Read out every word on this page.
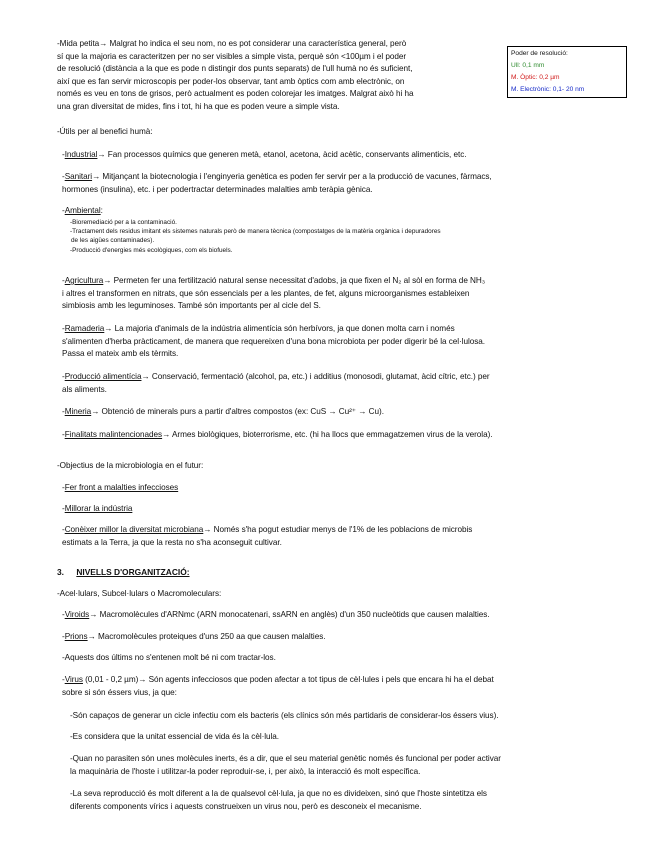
-Mida petita→ Malgrat ho indica el seu nom, no es pot considerar una característica general, però

sí que la majoria es caracteritzen per no ser visibles a simple vista, perquè són <100µm i el poder

de resolució (distància a la que es pode n distingir dos punts separats) de l'ull humà no és suficient,

així que es fan servir microscopis per poder-los observar, tant amb òptics com amb electrònic, on

només es veu en tons de grisos, però actualment es poden colorejar les imatges. Malgrat això hi ha

una gran diversitat de mides, fins i tot, hi ha que es poden veure a simple vista.

Poder de resolució:
Ull: 0,1 mm
M. Òptic: 0,2 µm
M. Electrònic: 0,1- 20 nm
-Útils per al benefici humà:

-Industrial→ Fan processos químics que generen metà, etanol, acetona, àcid acètic, conservants alimenticis, etc.

-Sanitari→ Mitjançant la biotecnologia i l'enginyeria genètica es poden fer servir per a la producció de vacunes, fàrmacs,

hormones (insulina), etc. i per podertractar determinades malalties amb teràpia gènica.

-Ambiental:

-Bioremediació per a la contaminació.

-Tractament dels residus imitant els sistemes naturals però de manera tècnica (compostatges de la matèria orgànica i depuradores

de les aigües contaminades).

-Producció d'energies més ecològiques, com els biofuels.

-Agricultura→ Permeten fer una fertilització natural sense necessitat d'adobs, ja que fixen el N₂ al sòl en forma de NH₃

i altres el transformen en nitrats, que són essencials per a les plantes, de fet, alguns microorganismes estableixen

simbiosis amb les leguminoses. També són importants per al cicle del S.

-Ramaderia→ La majoria d'animals de la indústria alimentícia són herbívors, ja que donen molta carn i només

s'alimenten d'herba pràcticament, de manera que requereixen d'una bona microbiota per poder digerir bé la cel·lulosa.

Passa el mateix amb els tèrmits.

-Producció alimentícia→ Conservació, fermentació (alcohol, pa, etc.) i additius (monosodi, glutamat, àcid cítric, etc.) per

als aliments.

-Mineria→ Obtenció de minerals purs a partir d'altres compostos (ex: CuS → Cu²⁺ → Cu).

-Finalitats malintencionades→ Armes biològiques, bioterrorisme, etc. (hi ha llocs que emmagatzemen virus de la verola).

-Objectius de la microbiologia en el futur:

-Fer front a malalties infeccioses

-Millorar la indústria

-Conèixer millor la diversitat microbiana→ Només s'ha pogut estudiar menys de l'1% de les poblacions de microbis

estimats a la Terra, ja que la resta no s'ha aconseguit cultivar.

3. NIVELLS D'ORGANITZACIÓ:
-Acel·lulars, Subcel·lulars o Macromoleculars:

-Viroids→ Macromolècules d'ARNmc (ARN monocatenari, ssARN en anglès) d'un 350 nucleòtids que causen malalties.

-Prions→ Macromolècules proteiques d'uns 250 aa que causen malalties.

-Aquests dos últims no s'entenen molt bé ni com tractar-los.

-Virus (0,01 - 0,2 µm)→ Són agents infecciosos que poden afectar a tot tipus de cèl·lules i pels que encara hi ha el debat

sobre si són éssers vius, ja que:

-Són capaços de generar un cicle infectiu com els bacteris (els clínics són més partidaris de considerar-los éssers vius).
-Es considera que la unitat essencial de vida és la cèl·lula.

-Quan no parasiten són unes molècules inerts, és a dir, que el seu material genètic només és funcional per poder activar

la maquinària de l'hoste i utilitzar-la poder reproduir-se, i, per això, la interacció és molt específica.

-La seva reproducció és molt diferent a la de qualsevol cèl·lula, ja que no es divideixen, sinó que l'hoste sintetitza els

diferents components vírics i aquests construeixen un virus nou, però es desconeix el mecanisme.
